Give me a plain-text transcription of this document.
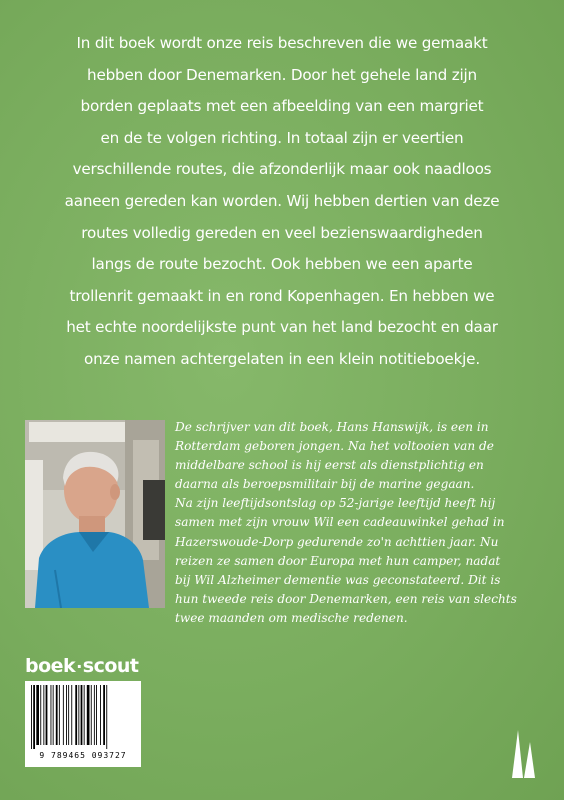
In dit boek wordt onze reis beschreven die we gemaakt

hebben door Denemarken. Door het gehele land zijn

borden geplaats met een afbeelding van een margriet

en de te volgen richting. In totaal zijn er veertien

verschillende routes, die afzonderlijk maar ook naadloos

aaneen gereden kan worden. Wij hebben dertien van deze

routes volledig gereden en veel bezienswaardigheden

langs de route bezocht. Ook hebben we een aparte

trollenrit gemaakt in en rond Kopenhagen. En hebben we

het echte noordelijkste punt van het land bezocht en daar

onze namen achtergelaten in een klein notitieboekje.

De schrijver van dit boek, Hans Hanswijk, is een in

Rotterdam geboren jongen. Na het voltooien van de

middelbare school is hij eerst als dienstplichtig en

daarna als beroepsmilitair bij de marine gegaan.

Na zijn leeftijdsontslag op 52-jarige leeftijd heeft hij

samen met zijn vrouw Wil een cadeauwinkel gehad in

Hazerswoude-Dorp gedurende zo'n achttien jaar. Nu

reizen ze samen door Europa met hun camper, nadat

bij Wil Alzheimer dementie was geconstateerd. Dit is

hun tweede reis door Denemarken, een reis van slechts

twee maanden om medische redenen.

boek·scout
9 789465 093727
